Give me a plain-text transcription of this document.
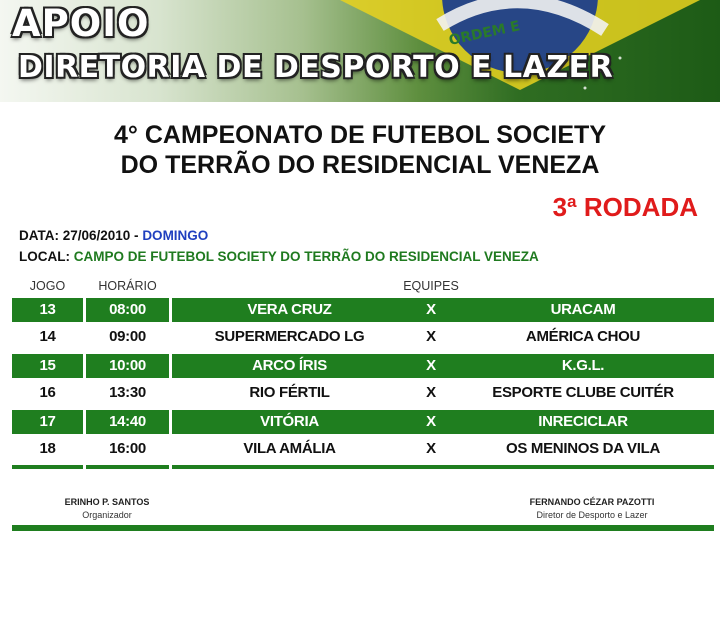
ORDEM E
APOIO
DIRETORIA DE DESPORTO E LAZER
4° CAMPEONATO DE FUTEBOL SOCIETY
DO TERRÃO DO RESIDENCIAL VENEZA
3ª RODADA
DATA: 27/06/2010 - DOMINGO
LOCAL: CAMPO DE FUTEBOL SOCIETY DO TERRÃO DO RESIDENCIAL VENEZA
JOGO	HORÁRIO	EQUIPES
13	08:00	VERA CRUZ	X	URACAM
14	09:00	SUPERMERCADO LG	X	AMÉRICA CHOU
15	10:00	ARCO ÍRIS	X	K.G.L.
16	13:30	RIO FÉRTIL	X	ESPORTE CLUBE CUITÉR
17	14:40	VITÓRIA	X	INRECICLAR
18	16:00	VILA AMÁLIA	X	OS MENINOS DA VILA
ERINHO P. SANTOS
Organizador
FERNANDO CÉZAR PAZOTTI
Diretor de Desporto e Lazer
